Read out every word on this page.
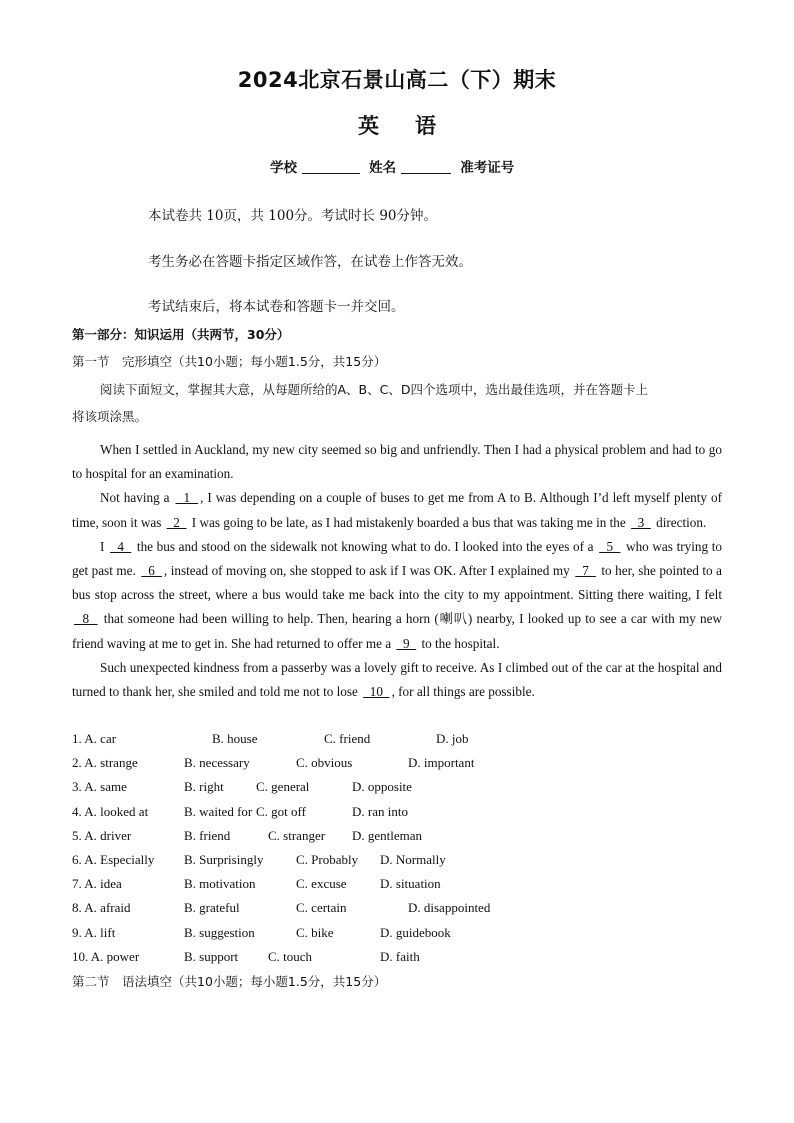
2024北京石景山高二（下）期末
英 语
学校	姓名	准考证号
本试卷共 10页，共 100分。考试时长 90分钟。
考生务必在答题卡指定区域作答，在试卷上作答无效。
考试结束后，将本试卷和答题卡一并交回。
第一部分：知识运用（共两节，30分）
第一节　完形填空（共10小题；每小题1.5分，共15分）
阅读下面短文，掌握其大意，从每题所给的A、B、C、D四个选项中，选出最佳选项，并在答题卡上
将该项涂黑。

When I settled in Auckland, my new city seemed so big and unfriendly. Then I had a physical problem and had to go to hospital for an examination.

Not having a   1  , I was depending on a couple of buses to get me from A to B. Although I’d left myself plenty of time, soon it was   2   I was going to be late, as I had mistakenly boarded a bus that was taking me in the   3   direction.

I   4   the bus and stood on the sidewalk not knowing what to do. I looked into the eyes of a   5   who was trying to get past me.   6  , instead of moving on, she stopped to ask if I was OK. After I explained my   7   to her, she pointed to a bus stop across the street, where a bus would take me back into the city to my appointment. Sitting there waiting, I felt   8   that someone had been willing to help. Then, hearing a horn (喇叭) nearby, I looked up to see a car with my new friend waving at me to get in. She had returned to offer me a   9   to the hospital.

Such unexpected kindness from a passerby was a lovely gift to receive. As I climbed out of the car at the hospital and turned to thank her, she smiled and told me not to lose   10  , for all things are possible.

1. A. car	B. house	C. friend	D. job
2. A. strange	B. necessary	C. obvious	D. important
3. A. same	B. right C. general	D. opposite
4. A. looked at	B. waited for C. got off	D. ran into
5. A. driver	B. friend	C. stranger D. gentleman
6. A. Especially B. Surprisingly	C. Probably D. Normally
7. A. idea	B. motivation	C. excuse	D. situation
8. A. afraid	B. grateful	C. certain	D. disappointed
9. A. lift	B. suggestion	C. bike	D. guidebook
10. A. power	B. support C. touch	D. faith
第二节　语法填空（共10小题；每小题1.5分，共15分）
